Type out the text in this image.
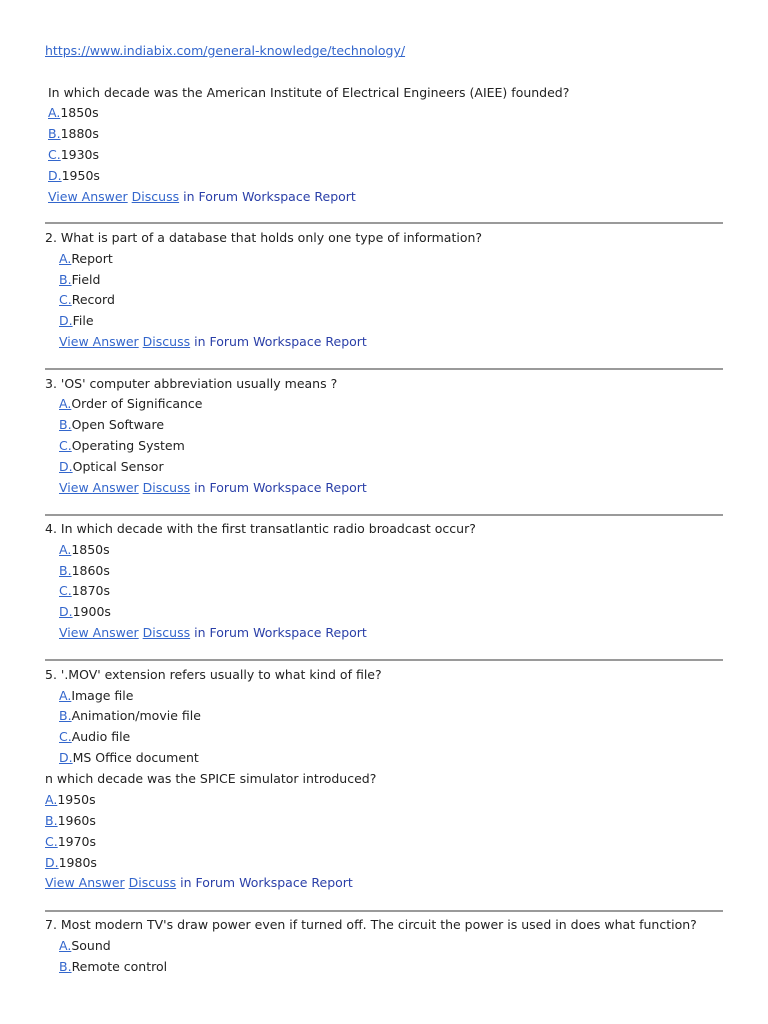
https://www.indiabix.com/general-knowledge/technology/
In which decade was the American Institute of Electrical Engineers (AIEE) founded?
A.1850s
B.1880s
C.1930s
D.1950s
View Answer Discuss in Forum Workspace Report
2. What is part of a database that holds only one type of information?
A.Report
B.Field
C.Record
D.File
View Answer Discuss in Forum Workspace Report
3. 'OS' computer abbreviation usually means ?
A.Order of Significance
B.Open Software
C.Operating System
D.Optical Sensor
View Answer Discuss in Forum Workspace Report
4. In which decade with the first transatlantic radio broadcast occur?
A.1850s
B.1860s
C.1870s
D.1900s
View Answer Discuss in Forum Workspace Report
5. '.MOV' extension refers usually to what kind of file?
A.Image file
B.Animation/movie file
C.Audio file
D.MS Office document
n which decade was the SPICE simulator introduced?
A.1950s
B.1960s
C.1970s
D.1980s
View Answer Discuss in Forum Workspace Report
7. Most modern TV's draw power even if turned off. The circuit the power is used in does what function?
A.Sound
B.Remote control
